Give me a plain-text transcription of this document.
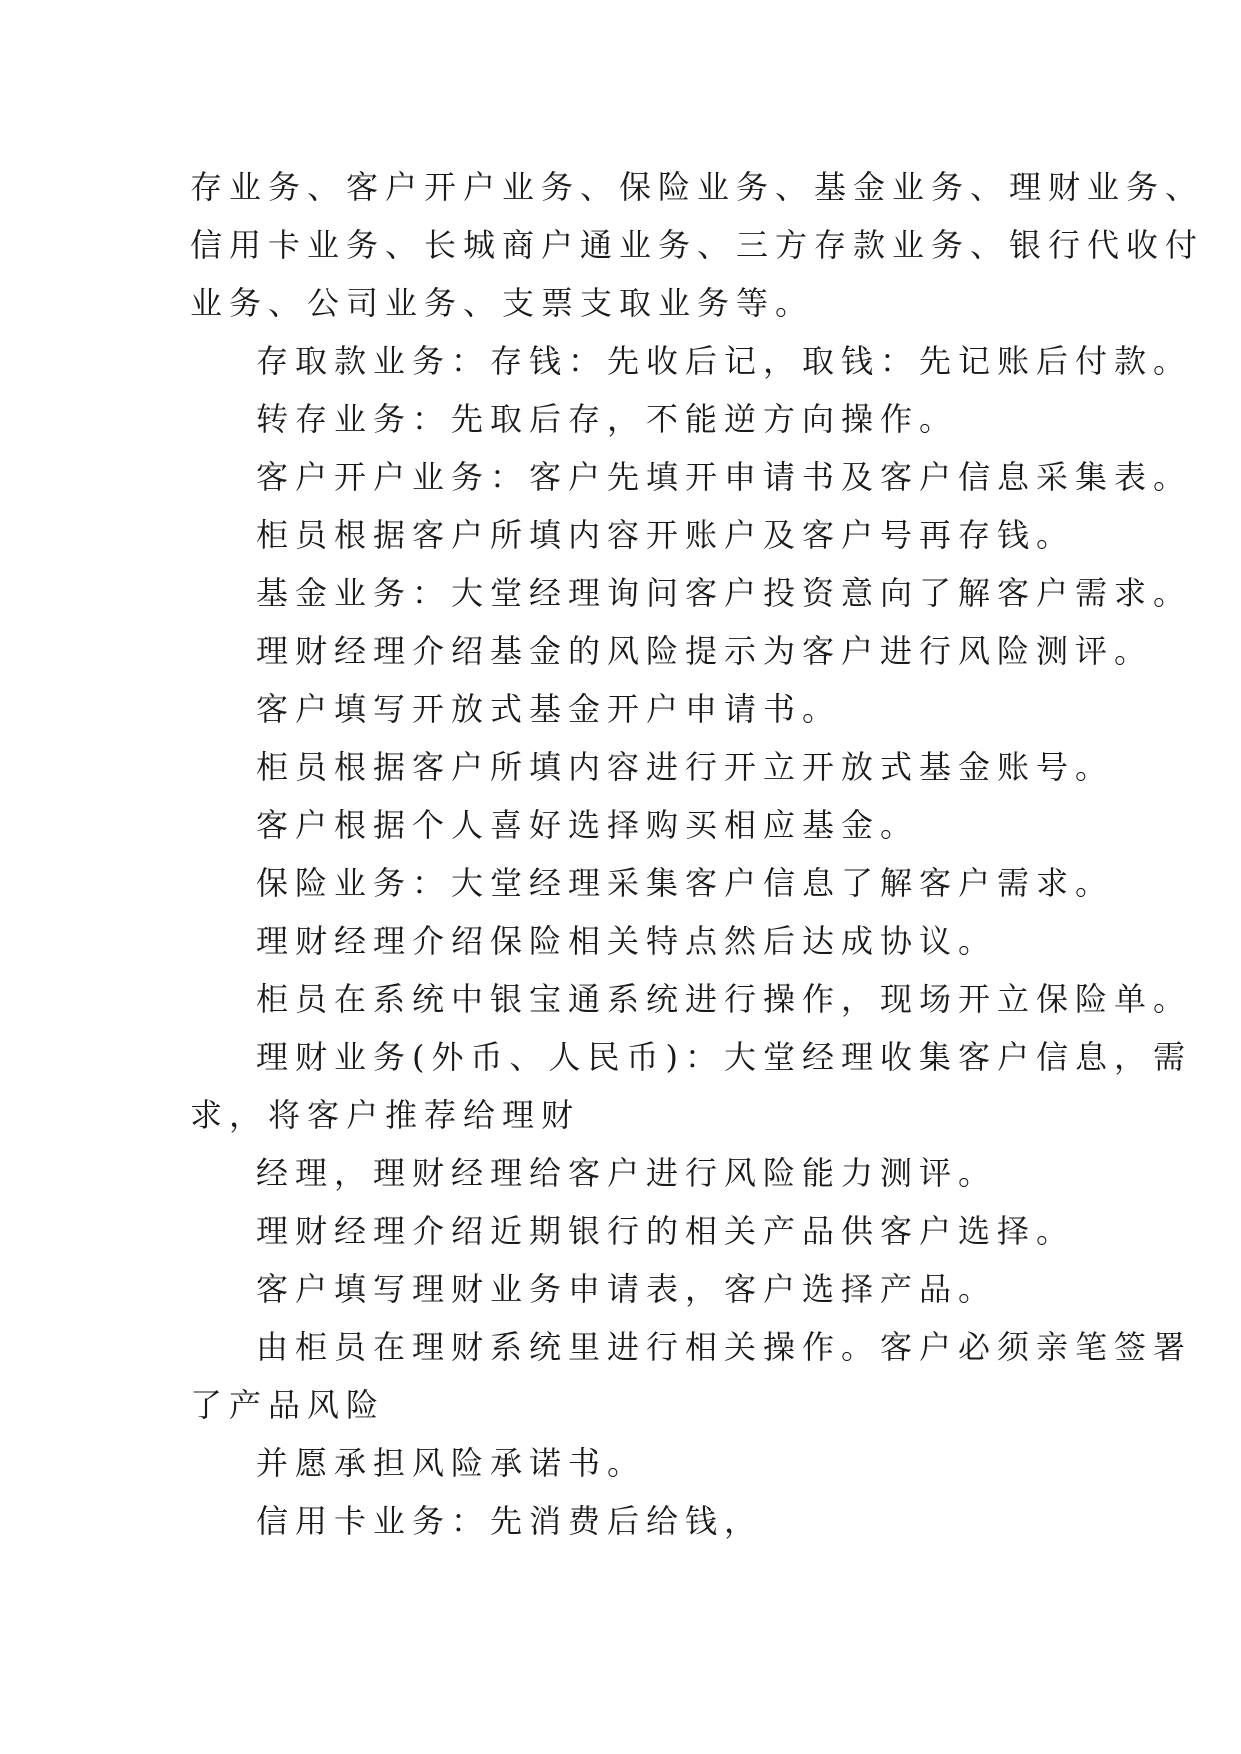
存业务、客户开户业务、保险业务、基金业务、理财业务、
信用卡业务、长城商户通业务、三方存款业务、银行代收付
业务、公司业务、支票支取业务等。
存取款业务：存钱：先收后记，取钱：先记账后付款。
转存业务：先取后存，不能逆方向操作。
客户开户业务：客户先填开申请书及客户信息采集表。
柜员根据客户所填内容开账户及客户号再存钱。
基金业务：大堂经理询问客户投资意向了解客户需求。
理财经理介绍基金的风险提示为客户进行风险测评。
客户填写开放式基金开户申请书。
柜员根据客户所填内容进行开立开放式基金账号。
客户根据个人喜好选择购买相应基金。
保险业务：大堂经理采集客户信息了解客户需求。
理财经理介绍保险相关特点然后达成协议。
柜员在系统中银宝通系统进行操作，现场开立保险单。
理财业务(外币、人民币)：大堂经理收集客户信息，需
求，将客户推荐给理财
经理，理财经理给客户进行风险能力测评。
理财经理介绍近期银行的相关产品供客户选择。
客户填写理财业务申请表，客户选择产品。
由柜员在理财系统里进行相关操作。客户必须亲笔签署
了产品风险
并愿承担风险承诺书。
信用卡业务：先消费后给钱，
